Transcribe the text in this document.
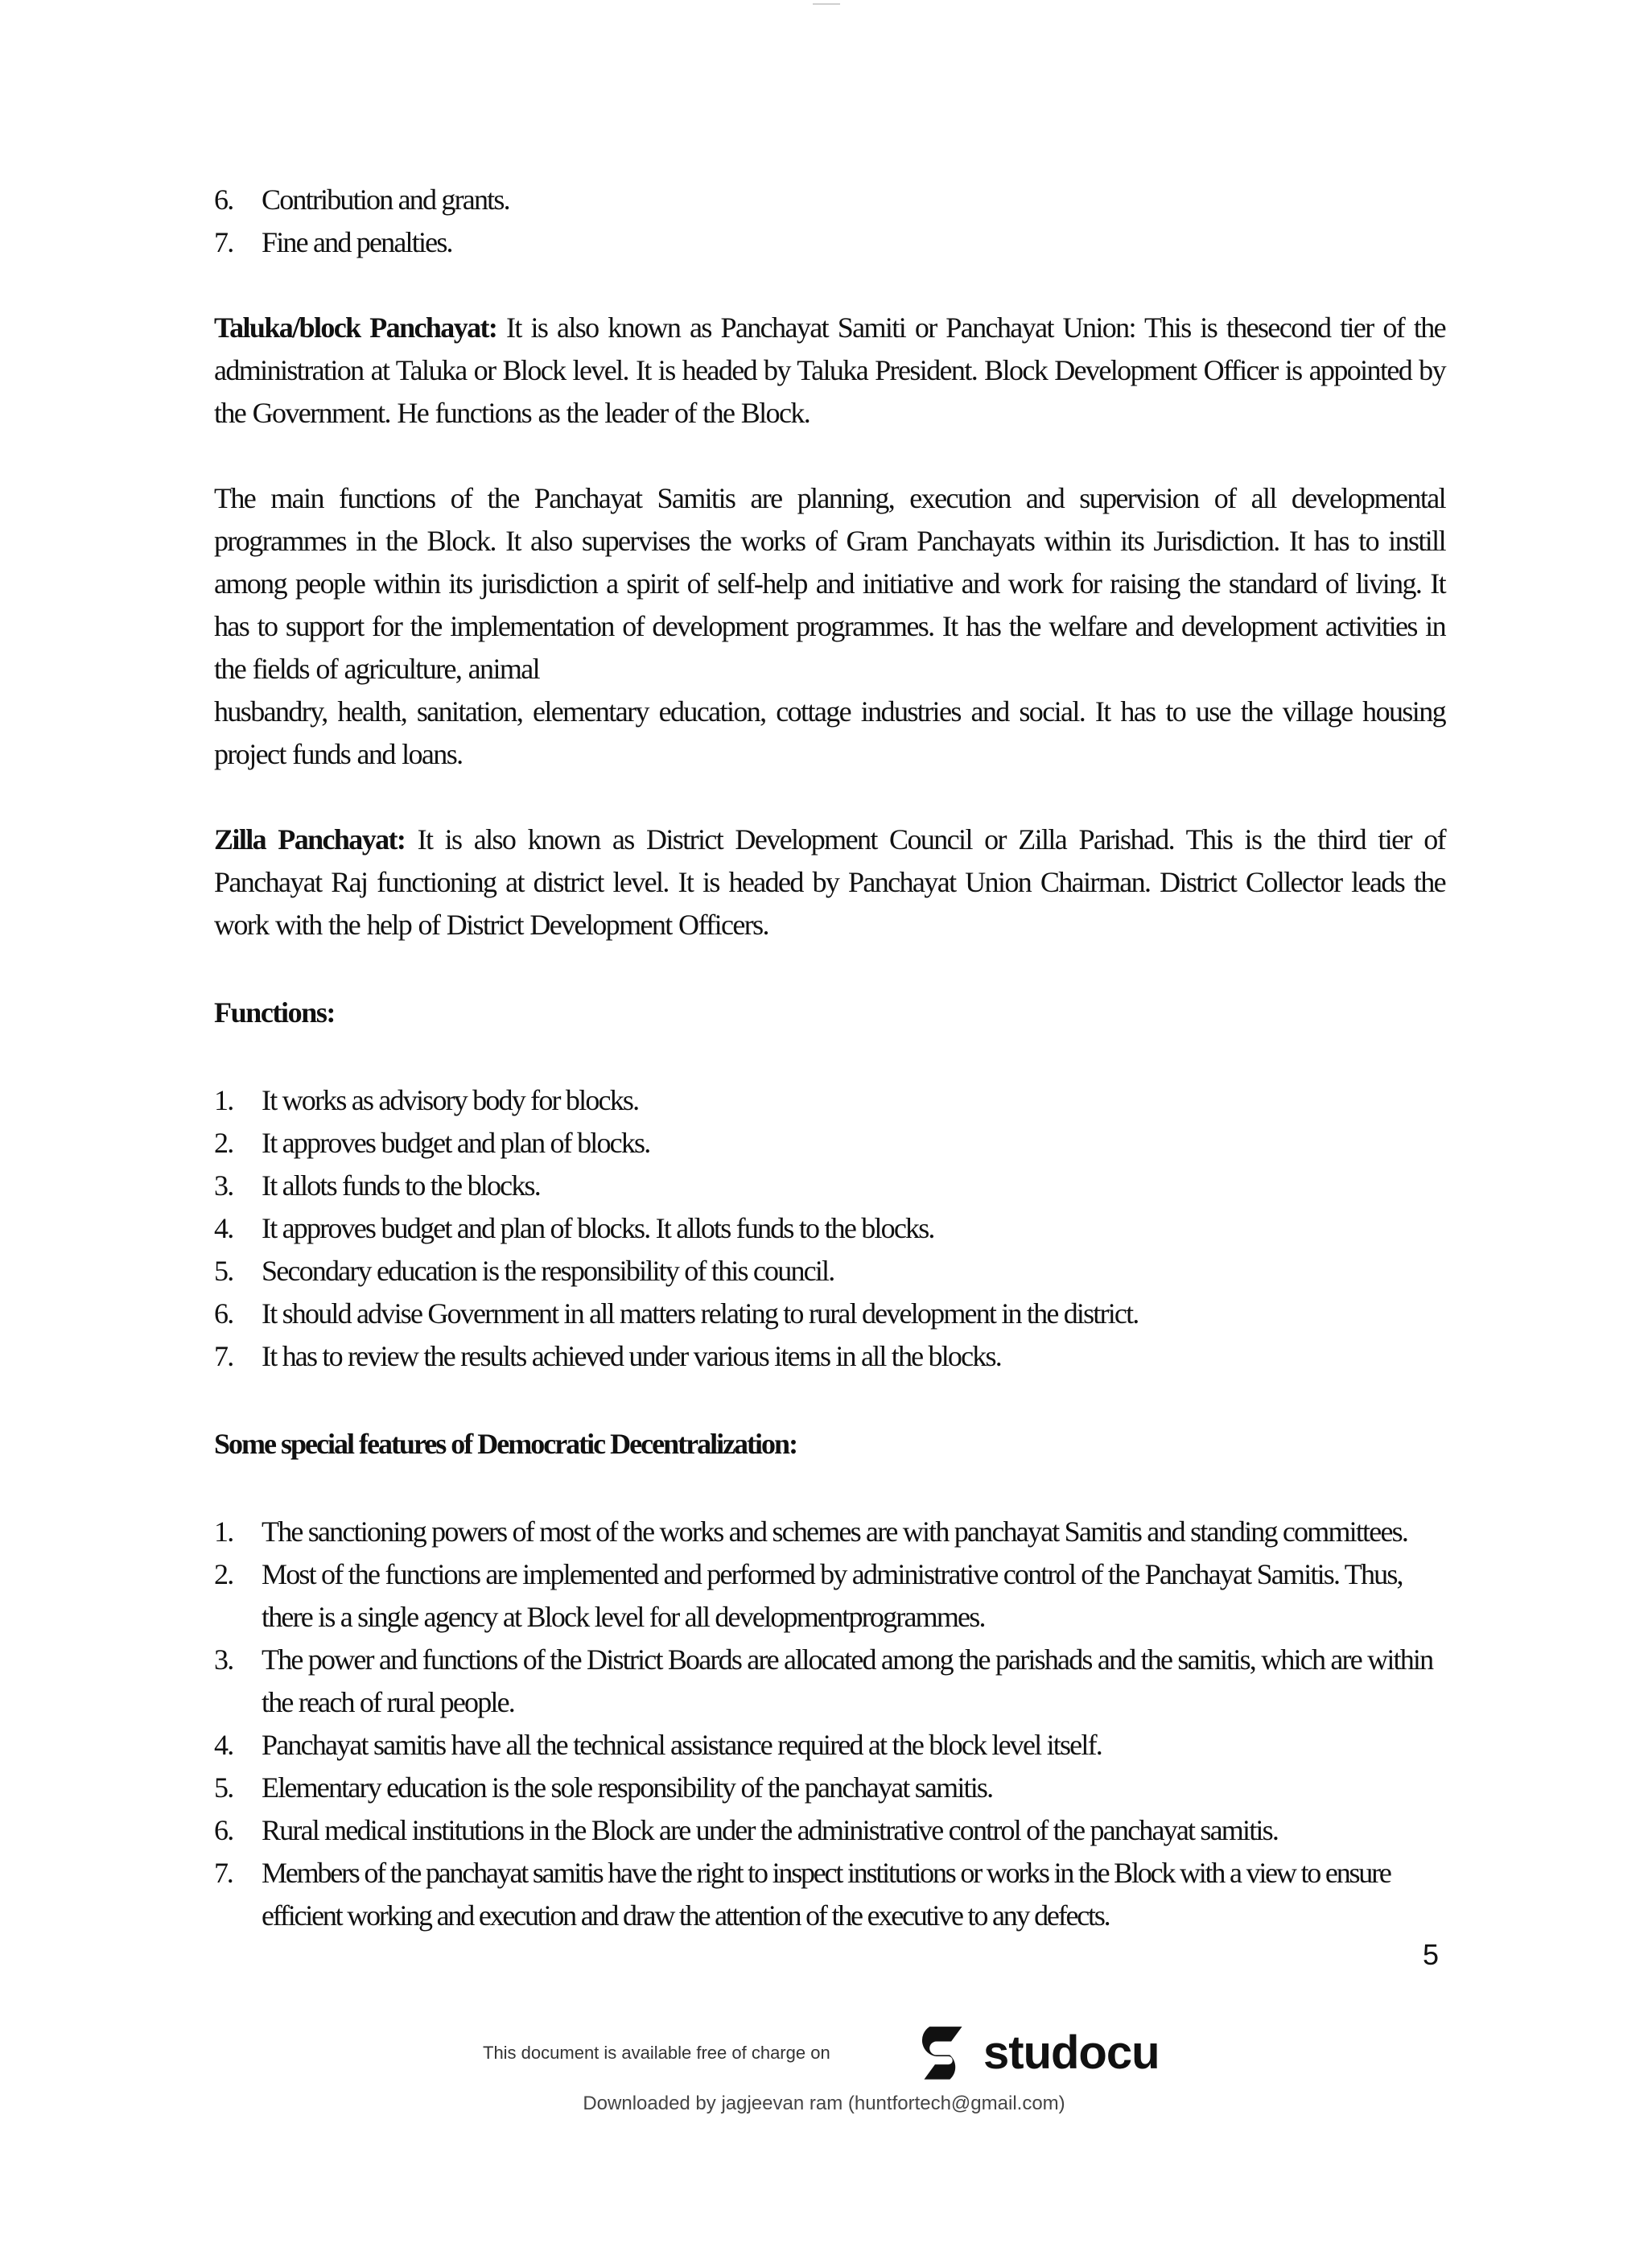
6. Contribution and grants.
7. Fine and penalties.

Taluka/block Panchayat: It is also known as Panchayat Samiti or Panchayat Union: This is thesecond tier of the administration at Taluka or Block level. It is headed by Taluka President. Block Development Officer is appointed by the Government. He functions as the leader of the Block.

The main functions of the Panchayat Samitis are planning, execution and supervision of all developmental programmes in the Block. It also supervises the works of Gram Panchayats within its Jurisdiction. It has to instill among people within its jurisdiction a spirit of self-help and initiative and work for raising the standard of living. It has to support for the implementation of development programmes. It has the welfare and development activities in the fields of agriculture, animal

husbandry, health, sanitation, elementary education, cottage industries and social. It has to use the village housing project funds and loans.

Zilla Panchayat: It is also known as District Development Council or Zilla Parishad. This is the third tier of Panchayat Raj functioning at district level. It is headed by Panchayat Union Chairman. District Collector leads the work with the help of District Development Officers.

Functions:

1. It works as advisory body for blocks.
2. It approves budget and plan of blocks.
3. It allots funds to the blocks.
4. It approves budget and plan of blocks. It allots funds to the blocks.
5. Secondary education is the responsibility of this council.
6. It should advise Government in all matters relating to rural development in the district.
7. It has to review the results achieved under various items in all the blocks.

Some special features of Democratic Decentralization:

1. The sanctioning powers of most of the works and schemes are with panchayat Samitis and standing committees.
2. Most of the functions are implemented and performed by administrative control of the Panchayat Samitis. Thus, there is a single agency at Block level for all developmentprogrammes.
3. The power and functions of the District Boards are allocated among the parishads and the samitis, which are within the reach of rural people.
4. Panchayat samitis have all the technical assistance required at the block level itself.
5. Elementary education is the sole responsibility of the panchayat samitis.
6. Rural medical institutions in the Block are under the administrative control of the panchayat samitis.
7. Members of the panchayat samitis have the right to inspect institutions or works in the Block with a view to ensure efficient working and execution and draw the attention of the executive to any defects.
5
This document is available free of charge on	studocu
Downloaded by jagjeevan ram (huntfortech@gmail.com)
